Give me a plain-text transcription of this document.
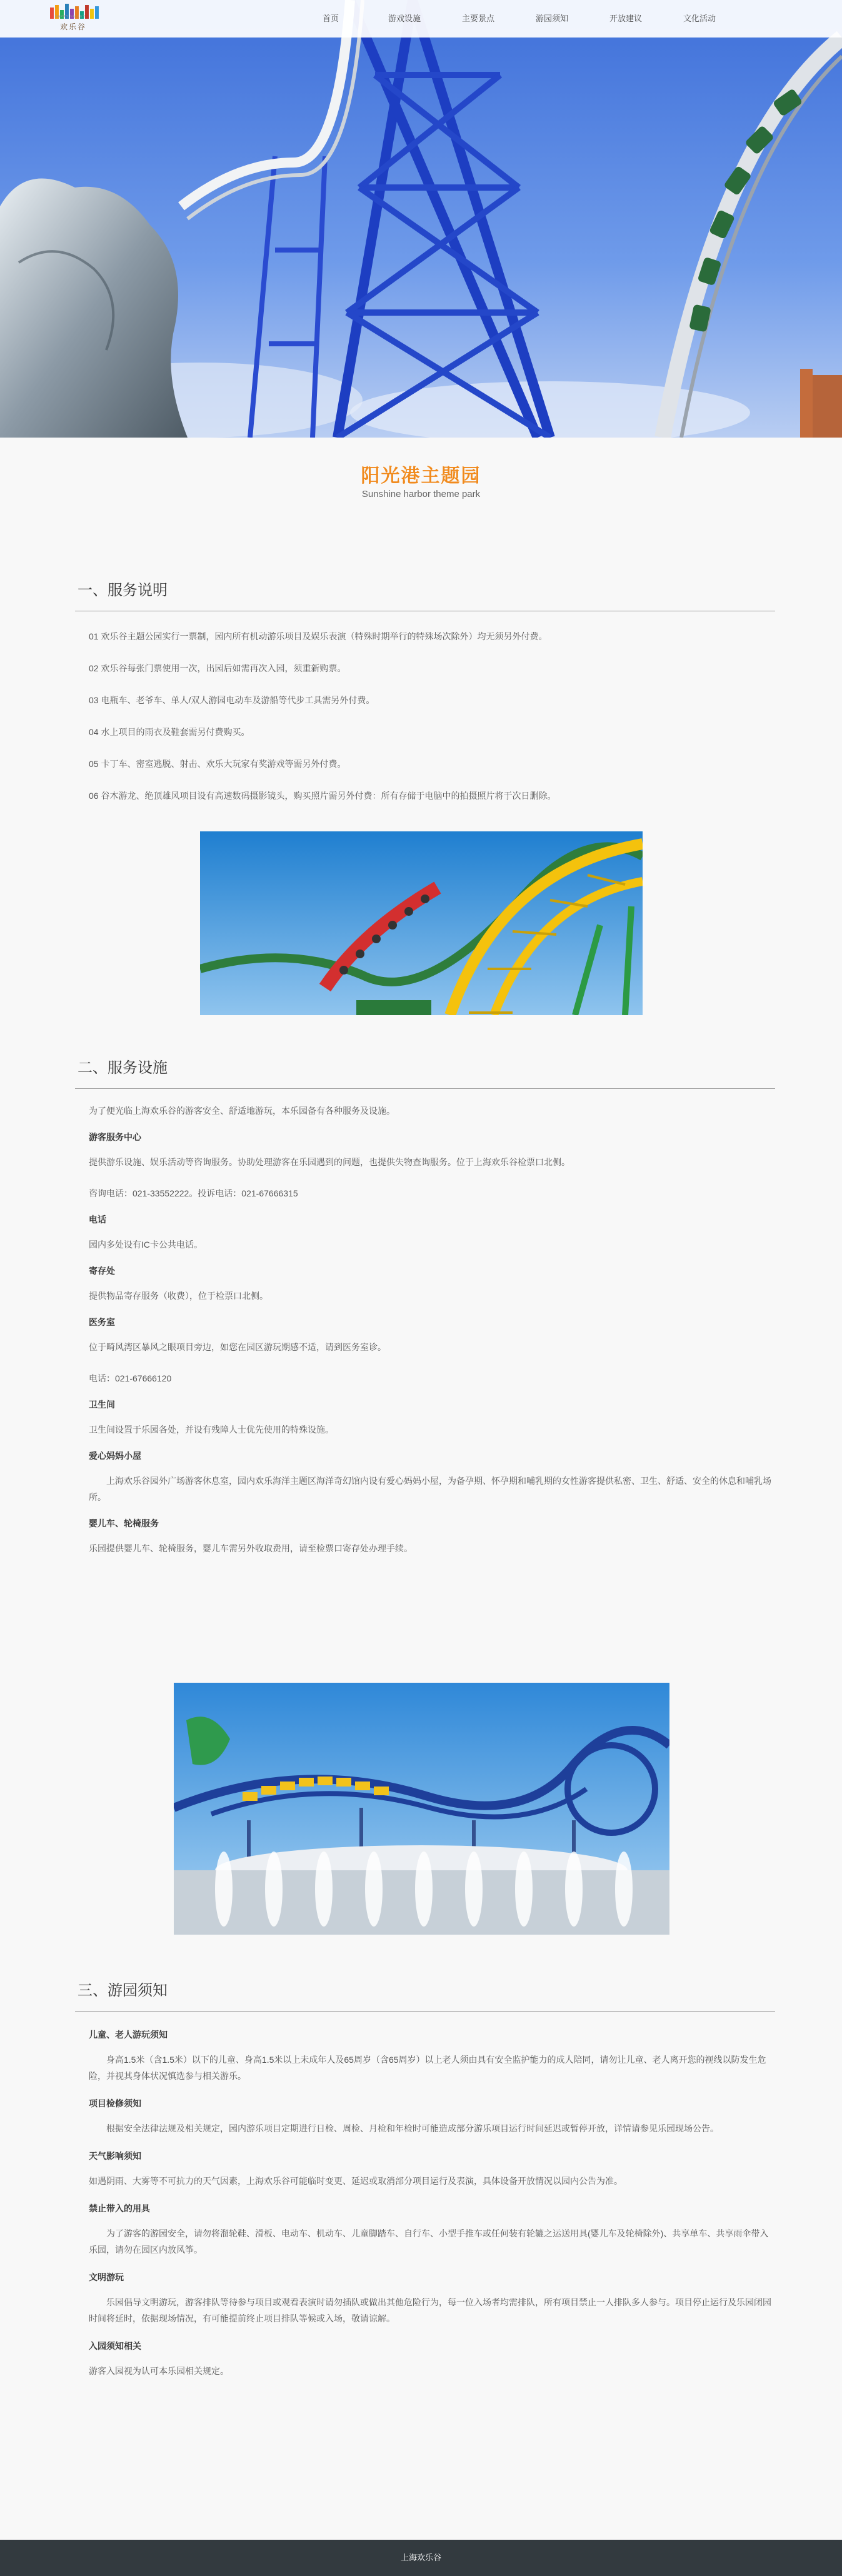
HAPPY VALLEY
欢乐谷
首页	游戏设施	主要景点	游园须知	开放建议	文化活动
阳光港主题园
Sunshine harbor theme park
一、服务说明

01 欢乐谷主题公园实行一票制，园内所有机动游乐项目及娱乐表演（特殊时期举行的特殊场次除外）均无须另外付费。

02 欢乐谷每张门票使用一次，出园后如需再次入园，须重新购票。

03 电瓶车、老爷车、单人/双人游园电动车及游船等代步工具需另外付费。

04 水上项目的雨衣及鞋套需另付费购买。

05 卡丁车、密室逃脱、射击、欢乐大玩家有奖游戏等需另外付费。

06 谷木游龙、绝顶雄风项目设有高速数码摄影镜头，购买照片需另外付费：所有存储于电脑中的拍摄照片将于次日删除。

二、服务设施

为了便光临上海欢乐谷的游客安全、舒适地游玩，本乐园备有各种服务及设施。

游客服务中心

提供游乐设施、娱乐活动等咨询服务。协助处理游客在乐园遇到的问题，也提供失物查询服务。位于上海欢乐谷检票口北侧。

咨询电话：021-33552222。投诉电话：021-67666315

电话

园内多处设有IC卡公共电话。

寄存处

提供物品寄存服务（收费），位于检票口北侧。

医务室

位于畸风湾区暴风之眼项目旁边，如您在园区游玩期感不适，请到医务室诊。

电话：021-67666120

卫生间

卫生间设置于乐园各处，并设有残障人士优先使用的特殊设施。

爱心妈妈小屋

上海欢乐谷园外广场游客休息室，园内欢乐海洋主题区海洋奇幻馆内设有爱心妈妈小屋，为备孕期、怀孕期和哺乳期的女性游客提供私密、卫生、舒适、安全的休息和哺乳场所。

婴儿车、轮椅服务

乐园提供婴儿车、轮椅服务，婴儿车需另外收取费用，请至检票口寄存处办理手续。

三、游园须知

儿童、老人游玩须知

身高1.5米（含1.5米）以下的儿童、身高1.5米以上未成年人及65周岁（含65周岁）以上老人须由具有安全监护能力的成人陪同，请勿让儿童、老人离开您的视线以防发生危险，并视其身体状况慎选参与相关游乐。

项目检修须知

根据安全法律法规及相关规定，园内游乐项目定期进行日检、周检、月检和年检时可能造成部分游乐项目运行时间延迟或暂停开放，详情请参见乐园现场公告。

天气影响须知

如遇阴雨、大雾等不可抗力的天气因素，上海欢乐谷可能临时变更、延迟或取消部分项目运行及表演，具体设备开放情况以园内公告为准。

禁止带入的用具

为了游客的游园安全，请勿将溜轮鞋、滑板、电动车、机动车、儿童脚踏车、自行车、小型手推车或任何装有轮辘之运送用具(婴儿车及轮椅除外)、共享单车、共享雨伞带入乐园，请勿在园区内放风筝。

文明游玩

乐园倡导文明游玩，游客排队等待参与项目或观看表演时请勿插队或做出其他危险行为，每一位入场者均需排队，所有项目禁止一人排队多人参与。项目停止运行及乐园闭园时间将延时，依据现场情况，有可能提前终止项目排队等候或入场，敬请谅解。

入园须知相关

游客入园视为认可本乐园相关规定。

上海欢乐谷
